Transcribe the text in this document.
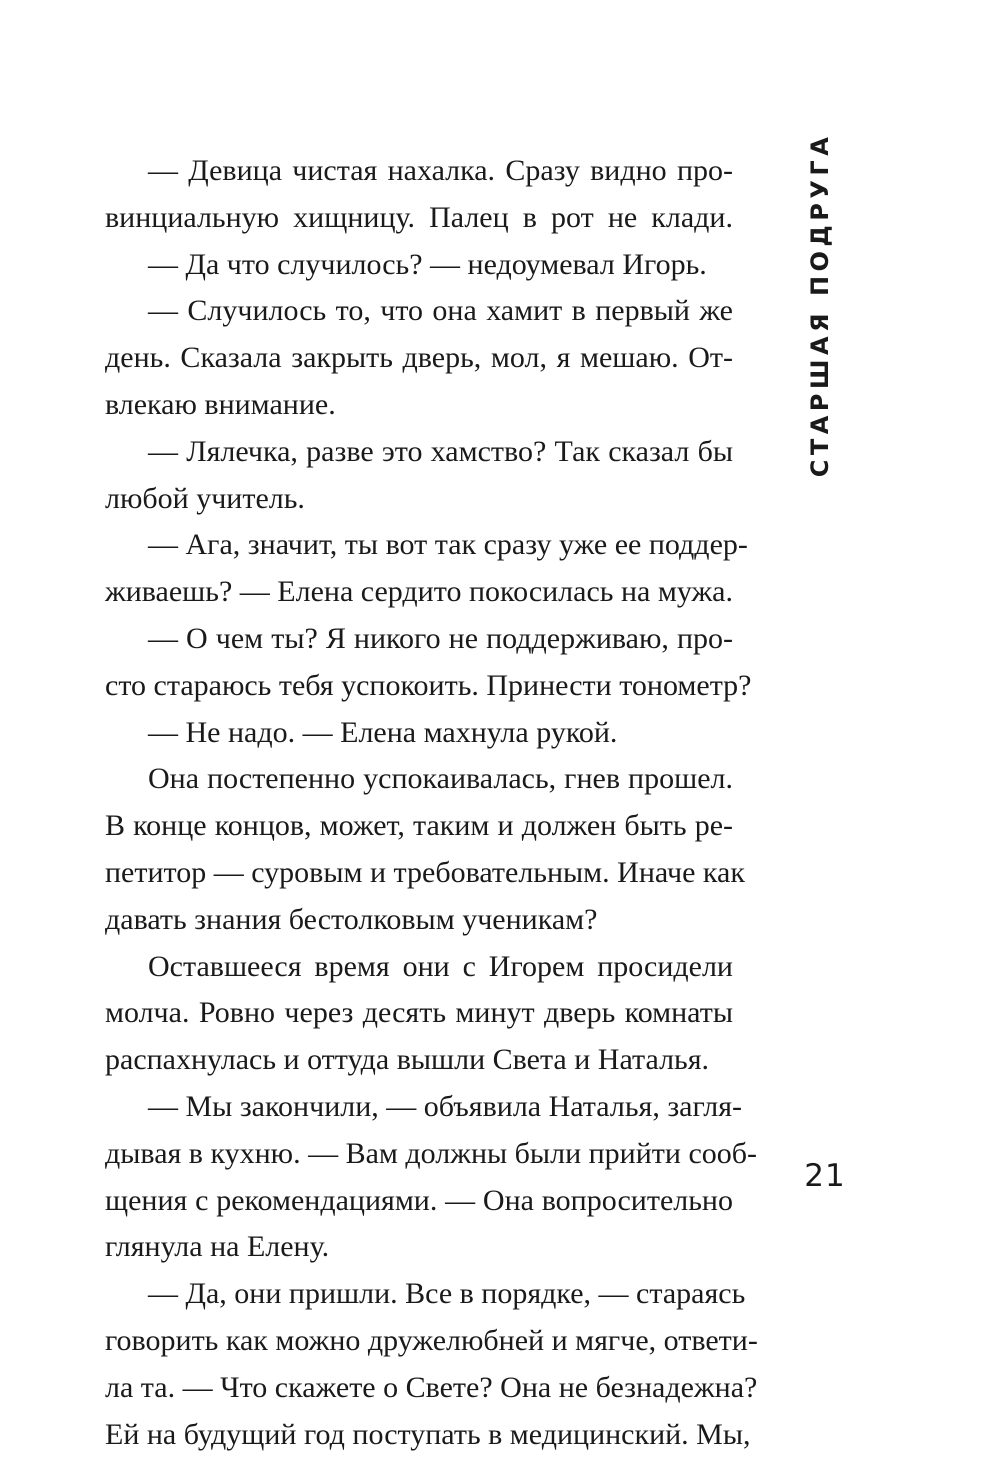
— Девица чистая нахалка. Сразу видно про-
винциальную хищницу. Палец в рот не клади.
— Да что случилось? — недоумевал Игорь.
— Случилось то, что она хамит в первый же
день. Сказала закрыть дверь, мол, я мешаю. От-
влекаю внимание.
— Лялечка, разве это хамство? Так сказал бы
любой учитель.
— Ага, значит, ты вот так сразу уже ее поддер-
живаешь? — Елена сердито покосилась на мужа.
— О чем ты? Я никого не поддерживаю, про-
сто стараюсь тебя успокоить. Принести тонометр?
— Не надо. — Елена махнула рукой.
Она постепенно успокаивалась, гнев прошел.
В конце концов, может, таким и должен быть ре-
петитор — суровым и требовательным. Иначе как
давать знания бестолковым ученикам?
Оставшееся время они с Игорем просидели
молча. Ровно через десять минут дверь комнаты
распахнулась и оттуда вышли Света и Наталья.
— Мы закончили, — объявила Наталья, загля-
дывая в кухню. — Вам должны были прийти сооб-
щения с рекомендациями. — Она вопросительно
глянула на Елену.
— Да, они пришли. Все в порядке, — стараясь
говорить как можно дружелюбней и мягче, ответи-
ла та. — Что скажете о Свете? Она не безнадежна?
Ей на будущий год поступать в медицинский. Мы,
СТАРШАЯ ПОДРУГА
21
